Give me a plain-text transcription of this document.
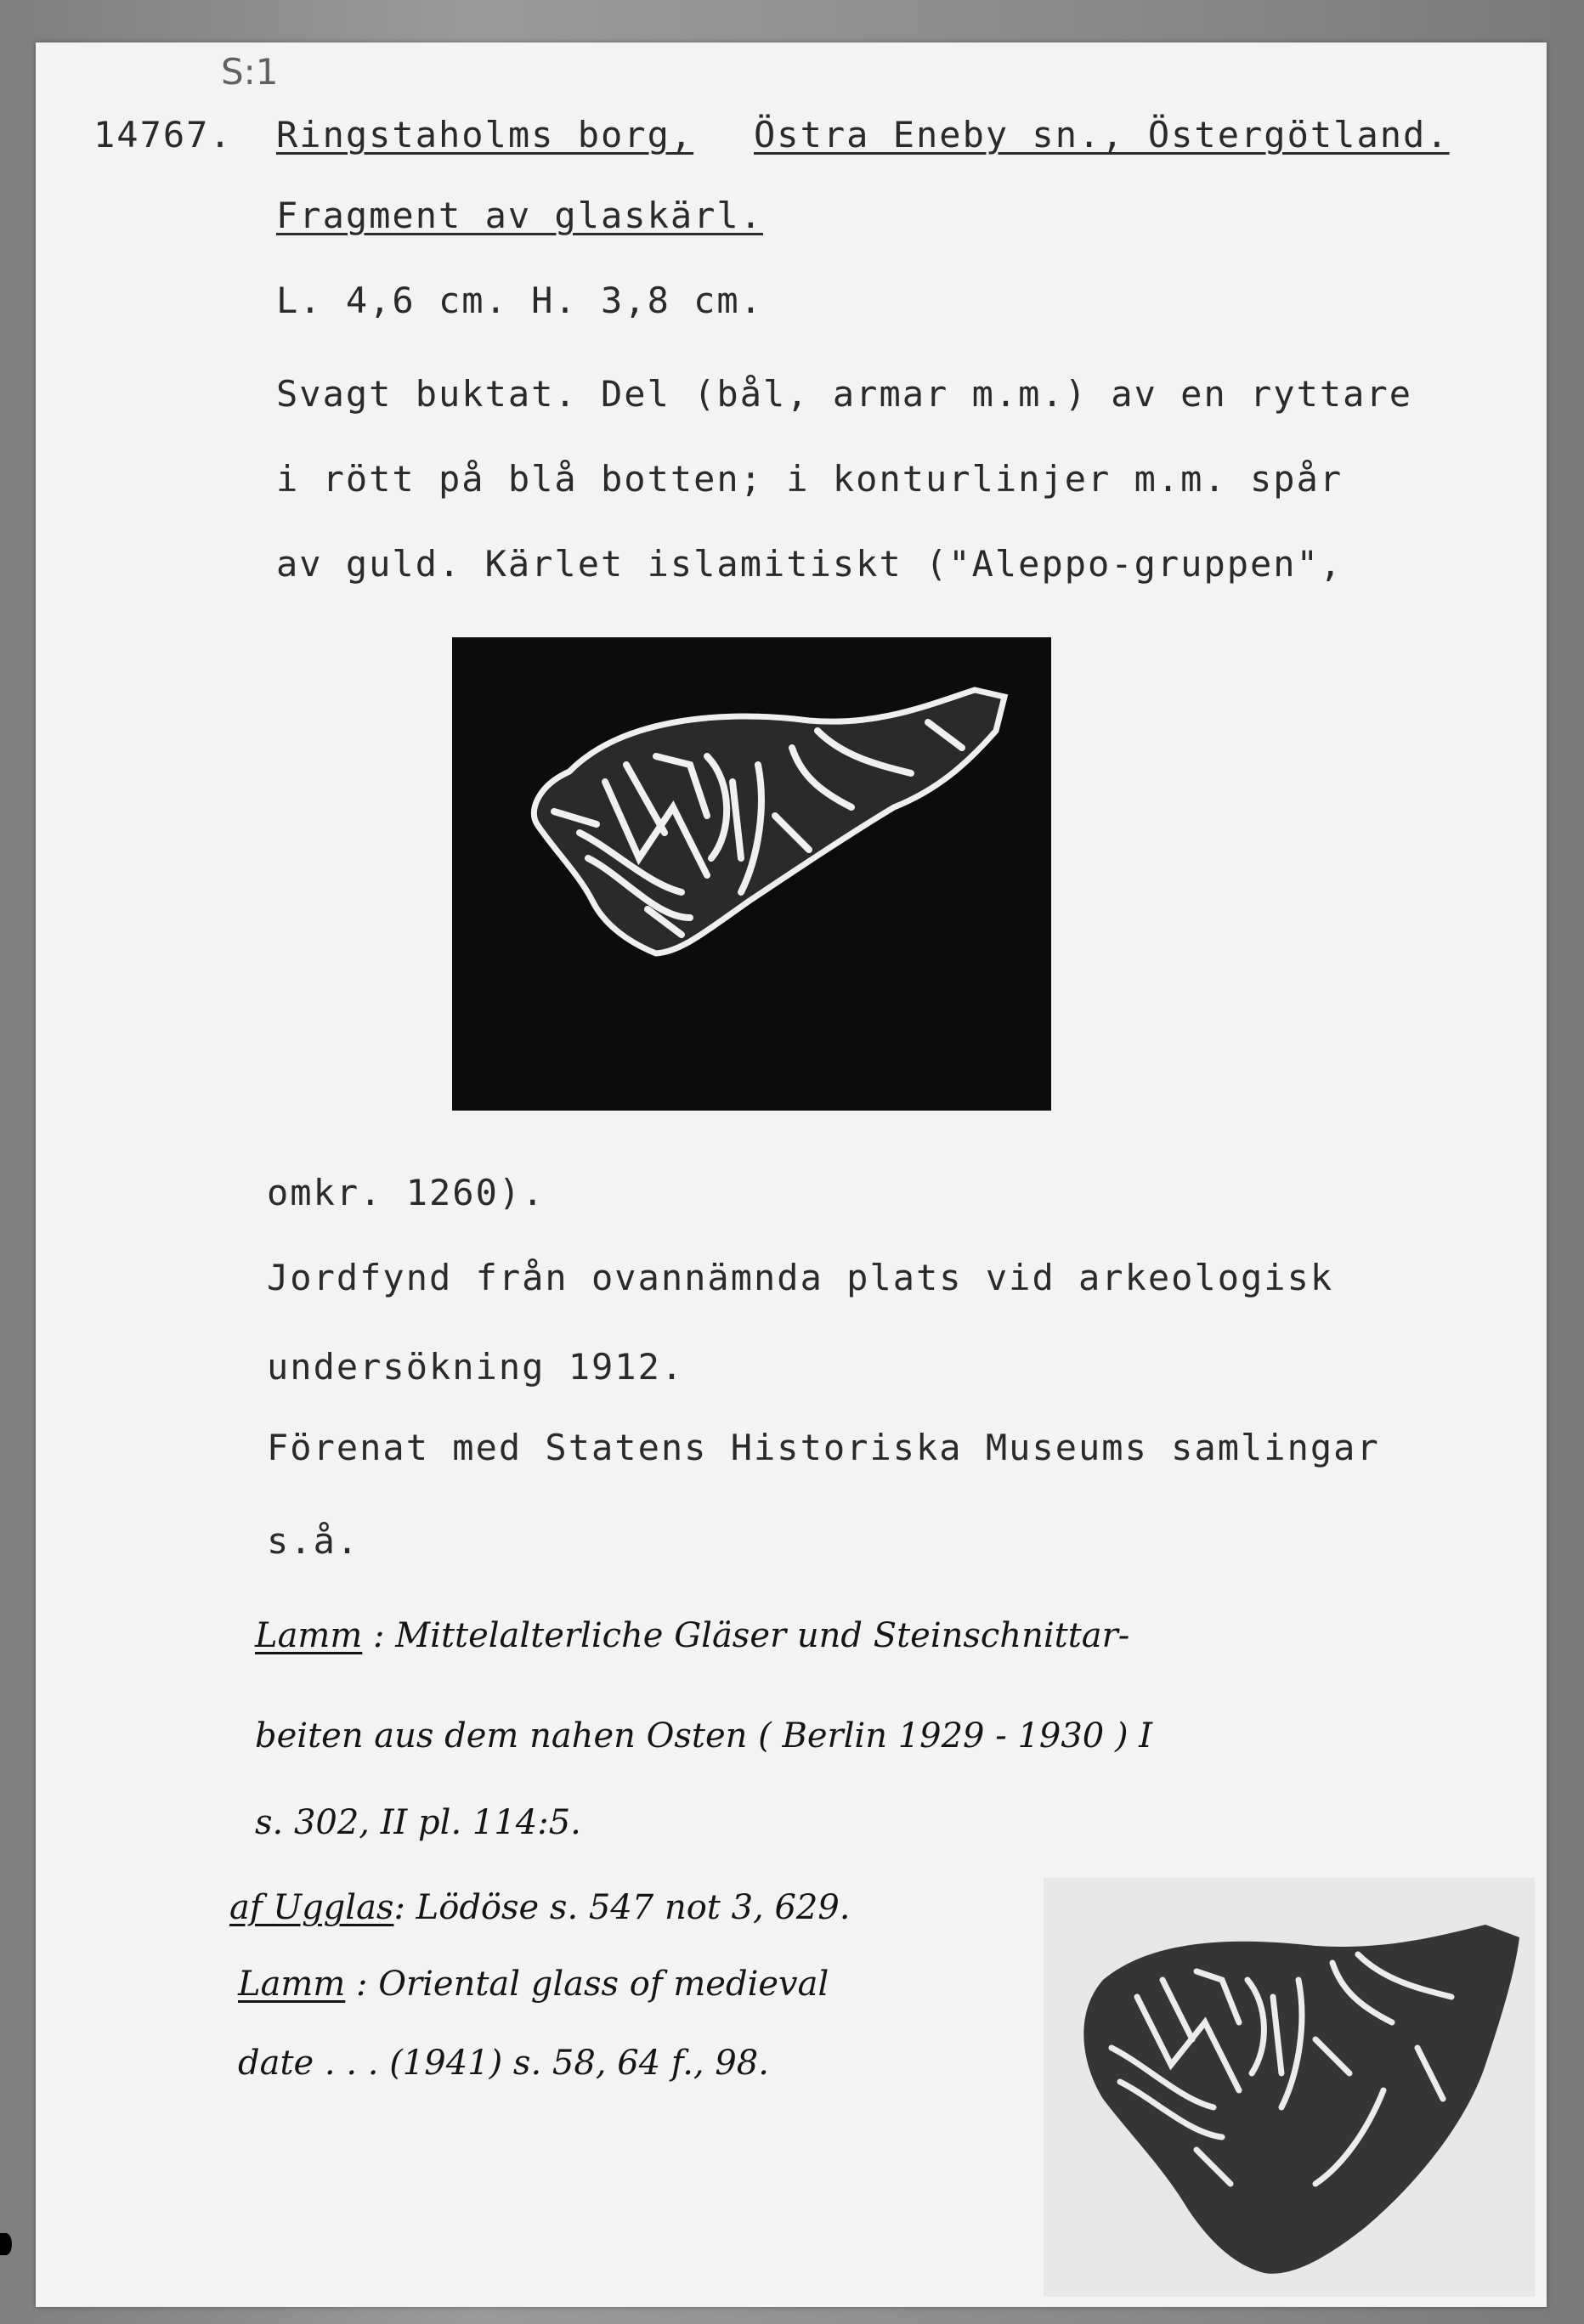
S:1

14767. Ringstaholms borg, Östra Eneby sn., Östergötland.

Fragment av glaskärl.

L. 4,6 cm. H. 3,8 cm.

Svagt buktat. Del (bål, armar m.m.) av en ryttare

i rött på blå botten; i konturlinjer m.m. spår

av guld. Kärlet islamitiskt ("Aleppo-gruppen",

omkr. 1260).

Jordfynd från ovannämnda plats vid arkeologisk

undersökning 1912.

Förenat med Statens Historiska Museums samlingar

s.å.

Lamm : Mittelalterliche Gläser und Steinschnittar-

beiten aus dem nahen Osten ( Berlin 1929 - 1930 ) I

s. 302, II pl. 114:5.

af Ugglas: Lödöse s. 547 not 3, 629.

Lamm : Oriental glass of medieval

date . . . (1941) s. 58, 64 f., 98.
